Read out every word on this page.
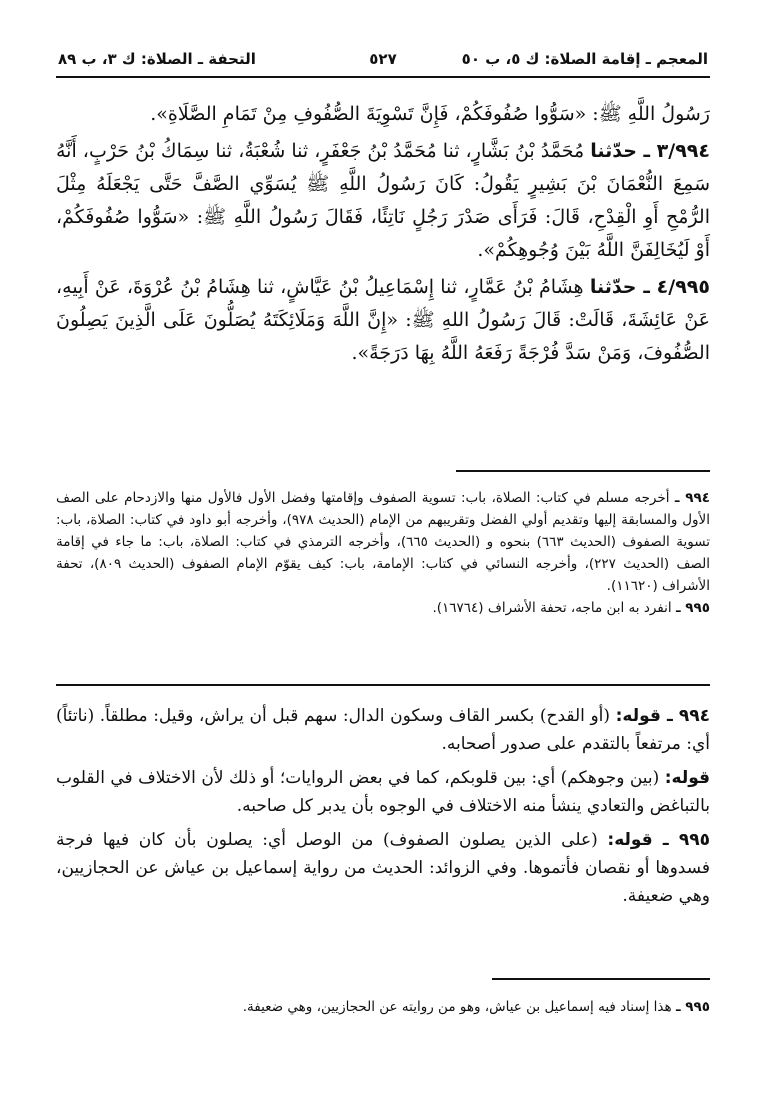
المعجم ـ إقامة الصلاة: ك ٥، ب ٥٠
٥٢٧
التحفة ـ الصلاة: ك ٣، ب ٨٩

رَسُولُ اللَّهِ ﷺ: «سَوُّوا صُفُوفَكُمْ، فَإِنَّ تَسْوِيَةَ الصُّفُوفِ مِنْ تَمَامِ الصَّلَاةِ».

٣/٩٩٤ ـ حدّثنا مُحَمَّدُ بْنُ بَشَّارٍ، ثنا مُحَمَّدُ بْنُ جَعْفَرٍ، ثنا شُعْبَةُ، ثنا سِمَاكُ بْنُ حَرْبٍ، أَنَّهُ سَمِعَ النُّعْمَانَ بْنَ بَشِيرٍ يَقُولُ: كَانَ رَسُولُ اللَّهِ ﷺ يُسَوِّي الصَّفَّ حَتَّى يَجْعَلَهُ مِثْلَ الرُّمْحِ أَوِ الْقِدْحِ، قَالَ: فَرَأَى صَدْرَ رَجُلٍ نَاتِئًا، فَقَالَ رَسُولُ اللَّهِ ﷺ: «سَوُّوا صُفُوفَكُمْ، أَوْ لَيُخَالِفَنَّ اللَّهُ بَيْنَ وُجُوهِكُمْ».

٤/٩٩٥ ـ حدّثنا هِشَامُ بْنُ عَمَّارٍ، ثنا إِسْمَاعِيلُ بْنُ عَيَّاشٍ، ثنا هِشَامُ بْنُ عُرْوَةَ، عَنْ أَبِيهِ، عَنْ عَائِشَةَ، قَالَتْ: قَالَ رَسُولُ اللهِ ﷺ: «إِنَّ اللَّهَ وَمَلَائِكَتَهُ يُصَلُّونَ عَلَى الَّذِينَ يَصِلُونَ الصُّفُوفَ، وَمَنْ سَدَّ فُرْجَةً رَفَعَهُ اللَّهُ بِهَا دَرَجَةً».

٩٩٤ ـ أخرجه مسلم في كتاب: الصلاة، باب: تسوية الصفوف وإقامتها وفضل الأول فالأول منها والازدحام على الصف الأول والمسابقة إليها وتقديم أولي الفضل وتقريبهم من الإمام (الحديث ٩٧٨)، وأخرجه أبو داود في كتاب: الصلاة، باب: تسوية الصفوف (الحديث ٦٦٣) بنحوه و (الحديث ٦٦٥)، وأخرجه الترمذي في كتاب: الصلاة، باب: ما جاء في إقامة الصف (الحديث ٢٢٧)، وأخرجه النسائي في كتاب: الإمامة، باب: كيف يقوّم الإمام الصفوف (الحديث ٨٠٩)، تحفة الأشراف (١١٦٢٠).

٩٩٥ ـ انفرد به ابن ماجه، تحفة الأشراف (١٦٧٦٤).

٩٩٤ ـ قوله: (أو القدح) بكسر القاف وسكون الدال: سهم قبل أن يراش، وقيل: مطلقاً. (ناتئاً) أي: مرتفعاً بالتقدم على صدور أصحابه.

قوله: (بين وجوهكم) أي: بين قلوبكم، كما في بعض الروايات؛ أو ذلك لأن الاختلاف في القلوب بالتباغض والتعادي ينشأ منه الاختلاف في الوجوه بأن يدبر كل صاحبه.

٩٩٥ ـ قوله: (على الذين يصلون الصفوف) من الوصل أي: يصلون بأن كان فيها فرجة فسدوها أو نقصان فأتموها. وفي الزوائد: الحديث من رواية إسماعيل بن عياش عن الحجازيين، وهي ضعيفة.

٩٩٥ ـ هذا إسناد فيه إسماعيل بن عياش، وهو من روايته عن الحجازيين، وهي ضعيفة.
